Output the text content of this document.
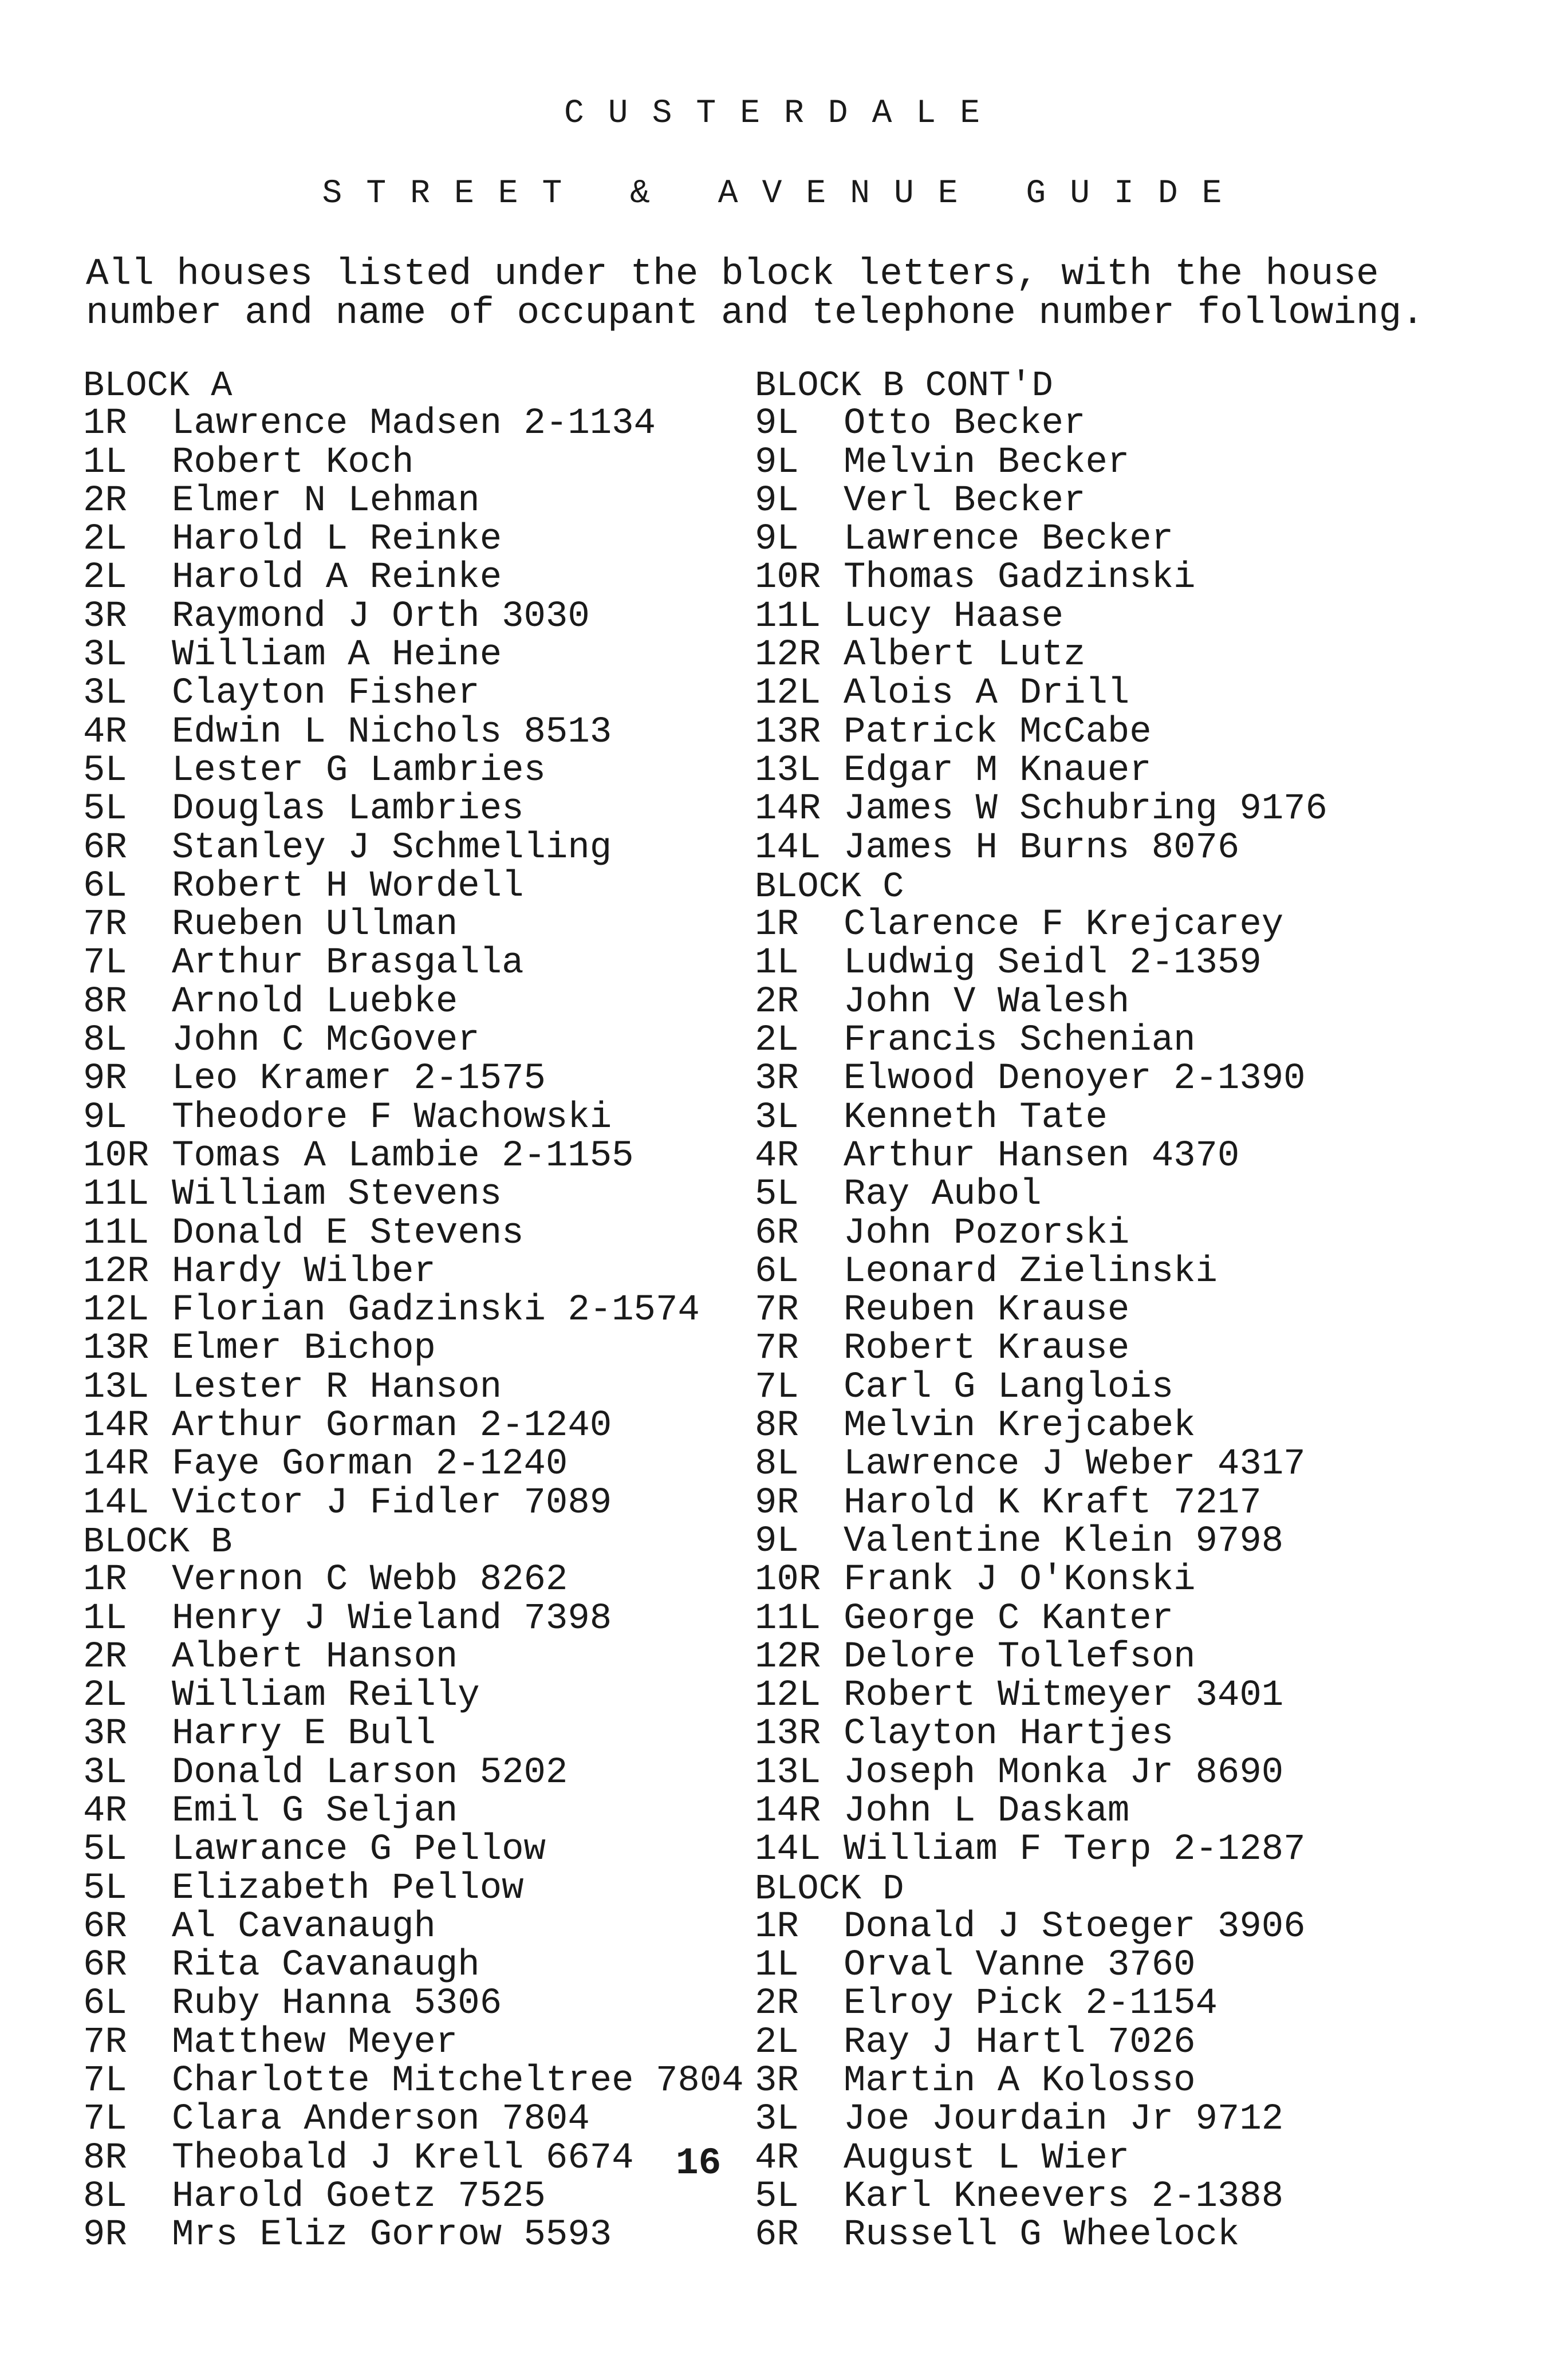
CUSTERDALE
STREET & AVENUE GUIDE
All houses listed under the block letters, with the house
number and name of occupant and telephone number following.
BLOCK A
1R	Lawrence Madsen 2-1134
1L	Robert Koch
2R	Elmer N Lehman
2L	Harold L Reinke
2L	Harold A Reinke
3R	Raymond J Orth 3030
3L	William A Heine
3L	Clayton Fisher
4R	Edwin L Nichols 8513
5L	Lester G Lambries
5L	Douglas Lambries
6R	Stanley J Schmelling
6L	Robert H Wordell
7R	Rueben Ullman
7L	Arthur Brasgalla
8R	Arnold Luebke
8L	John C McGover
9R	Leo Kramer 2-1575
9L	Theodore F Wachowski
10R Tomas A Lambie 2-1155
11L William Stevens
11L Donald E Stevens
12R Hardy Wilber
12L Florian Gadzinski 2-1574
13R Elmer Bichop
13L Lester R Hanson
14R Arthur Gorman 2-1240
14R Faye Gorman 2-1240
14L Victor J Fidler 7089
BLOCK B
1R	Vernon C Webb 8262
1L	Henry J Wieland 7398
2R	Albert Hanson
2L	William Reilly
3R	Harry E Bull
3L	Donald Larson 5202
4R	Emil G Seljan
5L	Lawrance G Pellow
5L	Elizabeth Pellow
6R	Al Cavanaugh
6R	Rita Cavanaugh
6L	Ruby Hanna 5306
7R	Matthew Meyer
7L	Charlotte Mitcheltree 7804
7L	Clara Anderson 7804
8R	Theobald J Krell 6674
8L	Harold Goetz 7525
9R	Mrs Eliz Gorrow 5593
BLOCK B CONT'D
9L	Otto Becker
9L	Melvin Becker
9L	Verl Becker
9L	Lawrence Becker
10R Thomas Gadzinski
11L Lucy Haase
12R Albert Lutz
12L Alois A Drill
13R Patrick McCabe
13L Edgar M Knauer
14R James W Schubring 9176
14L James H Burns 8076
BLOCK C
1R	Clarence F Krejcarey
1L	Ludwig Seidl 2-1359
2R	John V Walesh
2L	Francis Schenian
3R	Elwood Denoyer 2-1390
3L	Kenneth Tate
4R	Arthur Hansen 4370
5L	Ray Aubol
6R	John Pozorski
6L	Leonard Zielinski
7R	Reuben Krause
7R	Robert Krause
7L	Carl G Langlois
8R	Melvin Krejcabek
8L	Lawrence J Weber 4317
9R	Harold K Kraft 7217
9L	Valentine Klein 9798
10R Frank J O'Konski
11L George C Kanter
12R Delore Tollefson
12L Robert Witmeyer 3401
13R Clayton Hartjes
13L Joseph Monka Jr 8690
14R John L Daskam
14L William F Terp 2-1287
BLOCK D
1R	Donald J Stoeger 3906
1L	Orval Vanne 3760
2R	Elroy Pick 2-1154
2L	Ray J Hartl 7026
3R	Martin A Kolosso
3L	Joe Jourdain Jr 9712
4R	August L Wier
5L	Karl Kneevers 2-1388
6R	Russell G Wheelock
16
